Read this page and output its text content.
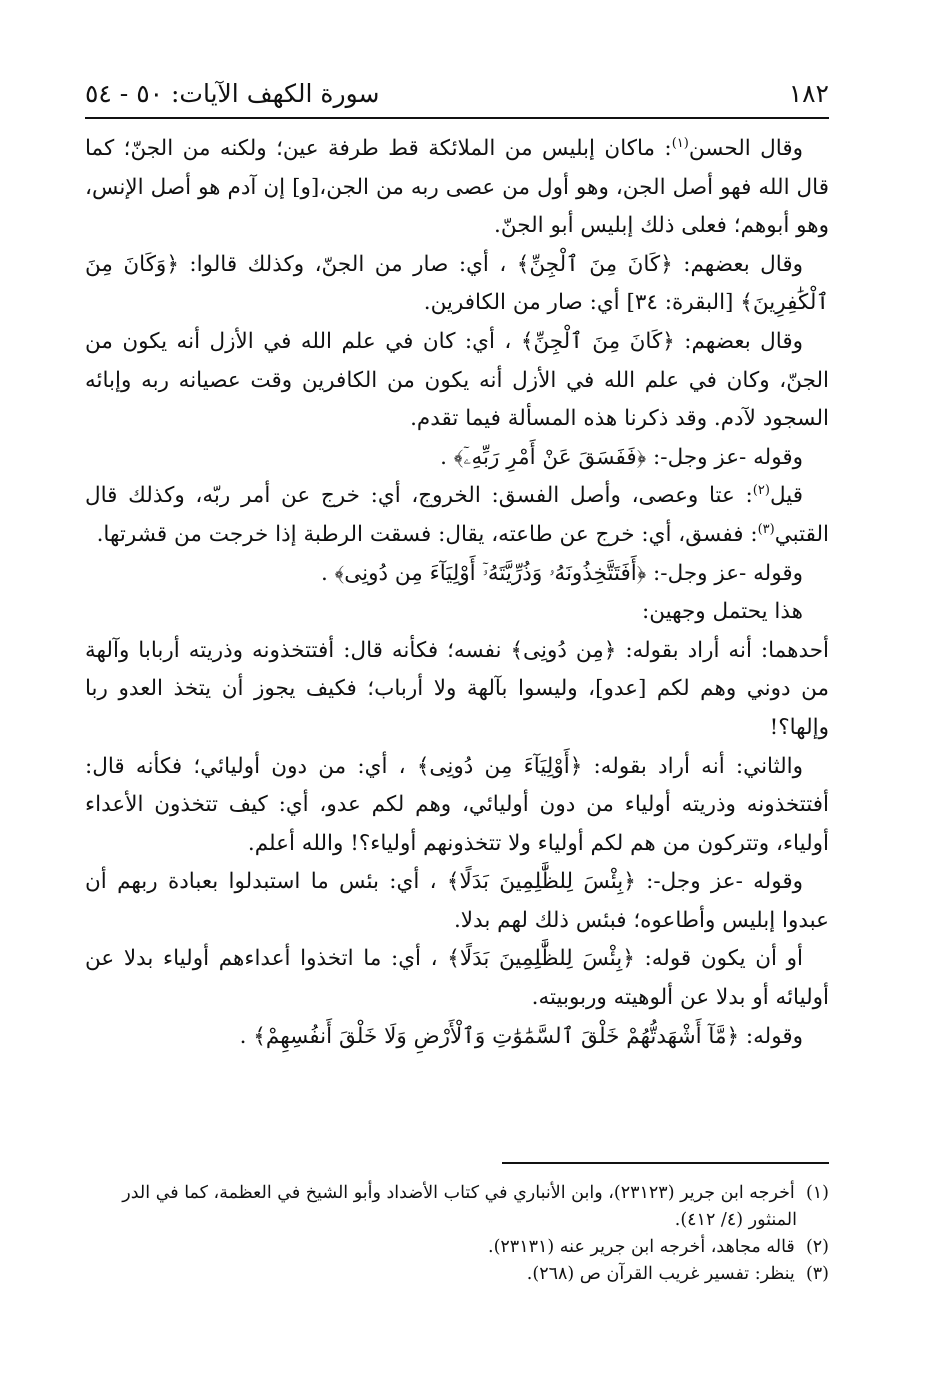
١٨٢
سورة الكهف الآيات: ٥٠ - ٥٤

وقال الحسن$^{(١)}$: ماكان إبليس من الملائكة قط طرفة عين؛ ولكنه من الجنّ؛ كما قال الله فهو أصل الجن، وهو أول من عصى ربه من الجن،[و] إن آدم هو أصل الإنس، وهو أبوهم؛ فعلى ذلك إبليس أبو الجنّ.

وقال بعضهم: ﴿كَانَ مِنَ ٱلْجِنِّ﴾ ، أي: صار من الجنّ، وكذلك قالوا: ﴿وَكَانَ مِنَ ٱلْكَٰفِرِينَ﴾ [البقرة: ٣٤] أي: صار من الكافرين.

وقال بعضهم: ﴿كَانَ مِنَ ٱلْجِنِّ﴾ ، أي: كان في علم الله في الأزل أنه يكون من الجنّ، وكان في علم الله في الأزل أنه يكون من الكافرين وقت عصيانه ربه وإبائه السجود لآدم. وقد ذكرنا هذه المسألة فيما تقدم.

وقوله -عز وجل-: ﴿فَفَسَقَ عَنْ أَمْرِ رَبِّهِۦٓ﴾ .

قيل$^{(٢)}$: عتا وعصى، وأصل الفسق: الخروج، أي: خرج عن أمر ربّه، وكذلك قال القتبي$^{(٣)}$: ففسق، أي: خرج عن طاعته، يقال: فسقت الرطبة إذا خرجت من قشرتها.

وقوله -عز وجل-: ﴿أَفَتَتَّخِذُونَهُۥ وَذُرِّيَّتَهُۥٓ أَوْلِيَآءَ مِن دُونِى﴾ .

هذا يحتمل وجهين:

أحدهما: أنه أراد بقوله: ﴿مِن دُونِى﴾ نفسه؛ فكأنه قال: أفتتخذونه وذريته أربابا وآلهة من دوني وهم لكم [عدو]، وليسوا بآلهة ولا أرباب؛ فكيف يجوز أن يتخذ العدو ربا وإلها؟!

والثاني: أنه أراد بقوله: ﴿أَوْلِيَآءَ مِن دُونِى﴾ ، أي: من دون أوليائي؛ فكأنه قال: أفتتخذونه وذريته أولياء من دون أوليائي، وهم لكم عدو، أي: كيف تتخذون الأعداء أولياء، وتتركون من هم لكم أولياء ولا تتخذونهم أولياء؟! والله أعلم.

وقوله -عز وجل-: ﴿بِئْسَ لِلظَّٰلِمِينَ بَدَلًا﴾ ، أي: بئس ما استبدلوا بعبادة ربهم أن عبدوا إبليس وأطاعوه؛ فبئس ذلك لهم بدلا.

أو أن يكون قوله: ﴿بِئْسَ لِلظَّٰلِمِينَ بَدَلًا﴾ ، أي: ما اتخذوا أعداءهم أولياء بدلا عن أوليائه أو بدلا عن ألوهيته وربوبيته.

وقوله: ﴿مَّآ أَشْهَدتُّهُمْ خَلْقَ ٱلسَّمَٰوَٰتِ وَٱلْأَرْضِ وَلَا خَلْقَ أَنفُسِهِمْ﴾ .

(١)  أخرجه ابن جرير (٢٣١٢٣)، وابن الأنباري في كتاب الأضداد وأبو الشيخ في العظمة، كما في الدر المنثور (٤/ ٤١٢).

(٢)  قاله مجاهد، أخرجه ابن جرير عنه (٢٣١٣١).

(٣)  ينظر: تفسير غريب القرآن ص (٢٦٨).
